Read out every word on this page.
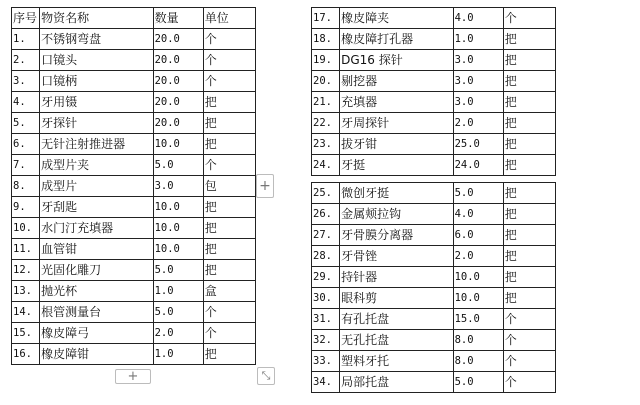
序号	物资名称	数量	单位
1.	不锈钢弯盘	20.0	个
2.	口镜头	20.0	个
3.	口镜柄	20.0	个
4.	牙用镊	20.0	把
5.	牙探针	20.0	把
6.	无针注射推进器	10.0	把
7.	成型片夹	5.0	个
8.	成型片	3.0	包
9.	牙刮匙	10.0	把
10.	水门汀充填器	10.0	把
11.	血管钳	10.0	把
12.	光固化雕刀	5.0	把
13.	抛光杯	1.0	盒
14.	根管测量台	5.0	个
15.	橡皮障弓	2.0	个
16.	橡皮障钳	1.0	把
17.	橡皮障夹	4.0	个
18.	橡皮障打孔器	1.0	把
19.	DG16 探针	3.0	把
20.	剔挖器	3.0	把
21.	充填器	3.0	把
22.	牙周探针	2.0	把
23.	拔牙钳	25.0	把
24.	牙挺	24.0	把
25.	微创牙挺	5.0	把
26.	金属颊拉钩	4.0	把
27.	牙骨膜分离器	6.0	把
28.	牙骨锉	2.0	把
29.	持针器	10.0	把
30.	眼科剪	10.0	把
31.	有孔托盘	15.0	个
32.	无孔托盘	8.0	个
33.	塑料牙托	8.0	个
34.	局部托盘	5.0	个
+
+	⤡
